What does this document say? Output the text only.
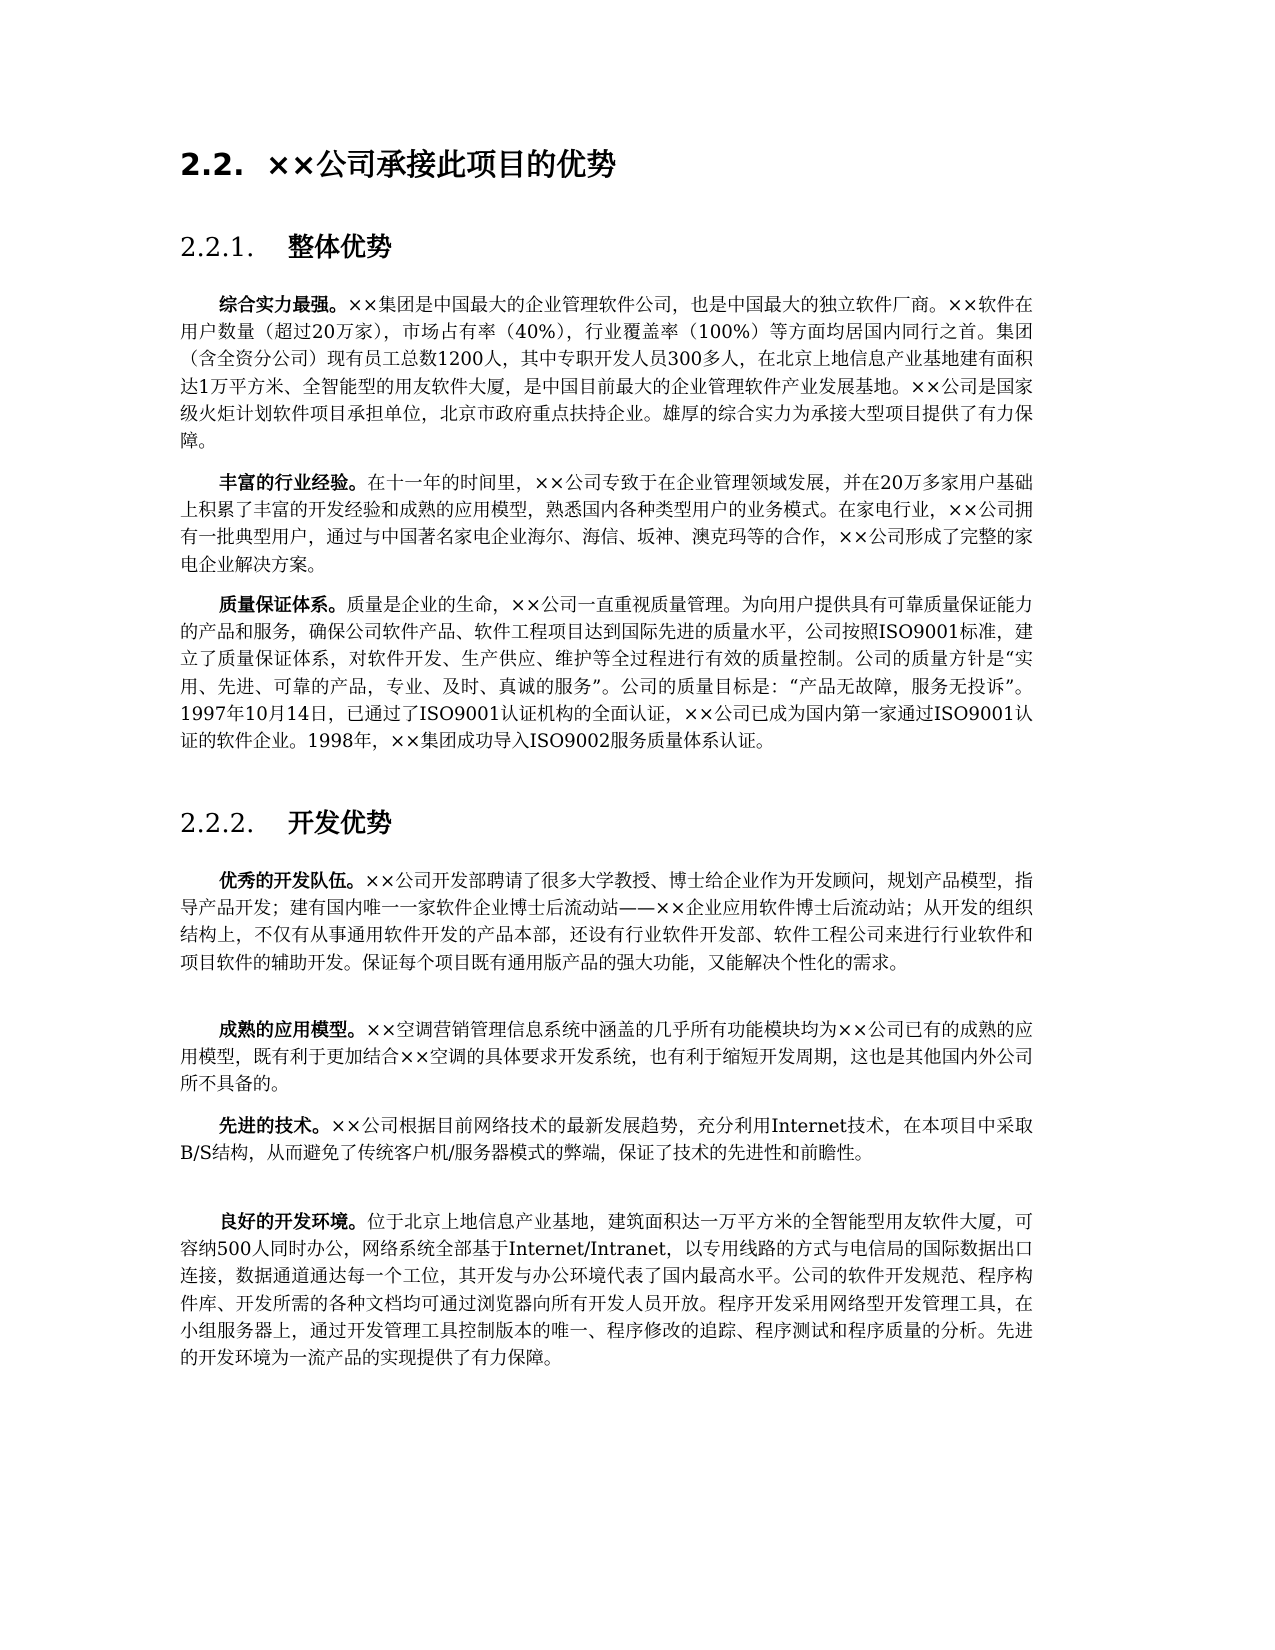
2.2. ××公司承接此项目的优势
2.2.1. 整体优势

综合实力最强。××集团是中国最大的企业管理软件公司，也是中国最大的独立软件厂商。××软件在用户数量（超过20万家），市场占有率（40%），行业覆盖率（100%）等方面均居国内同行之首。集团（含全资分公司）现有员工总数1200人，其中专职开发人员300多人，在北京上地信息产业基地建有面积达1万平方米、全智能型的用友软件大厦，是中国目前最大的企业管理软件产业发展基地。××公司是国家级火炬计划软件项目承担单位，北京市政府重点扶持企业。雄厚的综合实力为承接大型项目提供了有力保障。

丰富的行业经验。在十一年的时间里，××公司专致于在企业管理领域发展，并在20万多家用户基础上积累了丰富的开发经验和成熟的应用模型，熟悉国内各种类型用户的业务模式。在家电行业，××公司拥有一批典型用户，通过与中国著名家电企业海尔、海信、坂神、澳克玛等的合作，××公司形成了完整的家电企业解决方案。

质量保证体系。质量是企业的生命，××公司一直重视质量管理。为向用户提供具有可靠质量保证能力的产品和服务，确保公司软件产品、软件工程项目达到国际先进的质量水平，公司按照ISO9001标准，建立了质量保证体系，对软件开发、生产供应、维护等全过程进行有效的质量控制。公司的质量方针是“实用、先进、可靠的产品，专业、及时、真诚的服务”。公司的质量目标是：“产品无故障，服务无投诉”。1997年10月14日，已通过了ISO9001认证机构的全面认证，××公司已成为国内第一家通过ISO9001认证的软件企业。1998年，××集团成功导入ISO9002服务质量体系认证。

2.2.2. 开发优势

优秀的开发队伍。××公司开发部聘请了很多大学教授、博士给企业作为开发顾问，规划产品模型，指导产品开发；建有国内唯一一家软件企业博士后流动站——××企业应用软件博士后流动站；从开发的组织结构上，不仅有从事通用软件开发的产品本部，还设有行业软件开发部、软件工程公司来进行行业软件和项目软件的辅助开发。保证每个项目既有通用版产品的强大功能，又能解决个性化的需求。

成熟的应用模型。××空调营销管理信息系统中涵盖的几乎所有功能模块均为××公司已有的成熟的应用模型，既有利于更加结合××空调的具体要求开发系统，也有利于缩短开发周期，这也是其他国内外公司所不具备的。

先进的技术。××公司根据目前网络技术的最新发展趋势，充分利用Internet技术，在本项目中采取B/S结构，从而避免了传统客户机/服务器模式的弊端，保证了技术的先进性和前瞻性。

良好的开发环境。位于北京上地信息产业基地，建筑面积达一万平方米的全智能型用友软件大厦，可容纳500人同时办公，网络系统全部基于Internet/Intranet，以专用线路的方式与电信局的国际数据出口连接，数据通道通达每一个工位，其开发与办公环境代表了国内最高水平。公司的软件开发规范、程序构件库、开发所需的各种文档均可通过浏览器向所有开发人员开放。程序开发采用网络型开发管理工具，在小组服务器上，通过开发管理工具控制版本的唯一、程序修改的追踪、程序测试和程序质量的分析。先进的开发环境为一流产品的实现提供了有力保障。
